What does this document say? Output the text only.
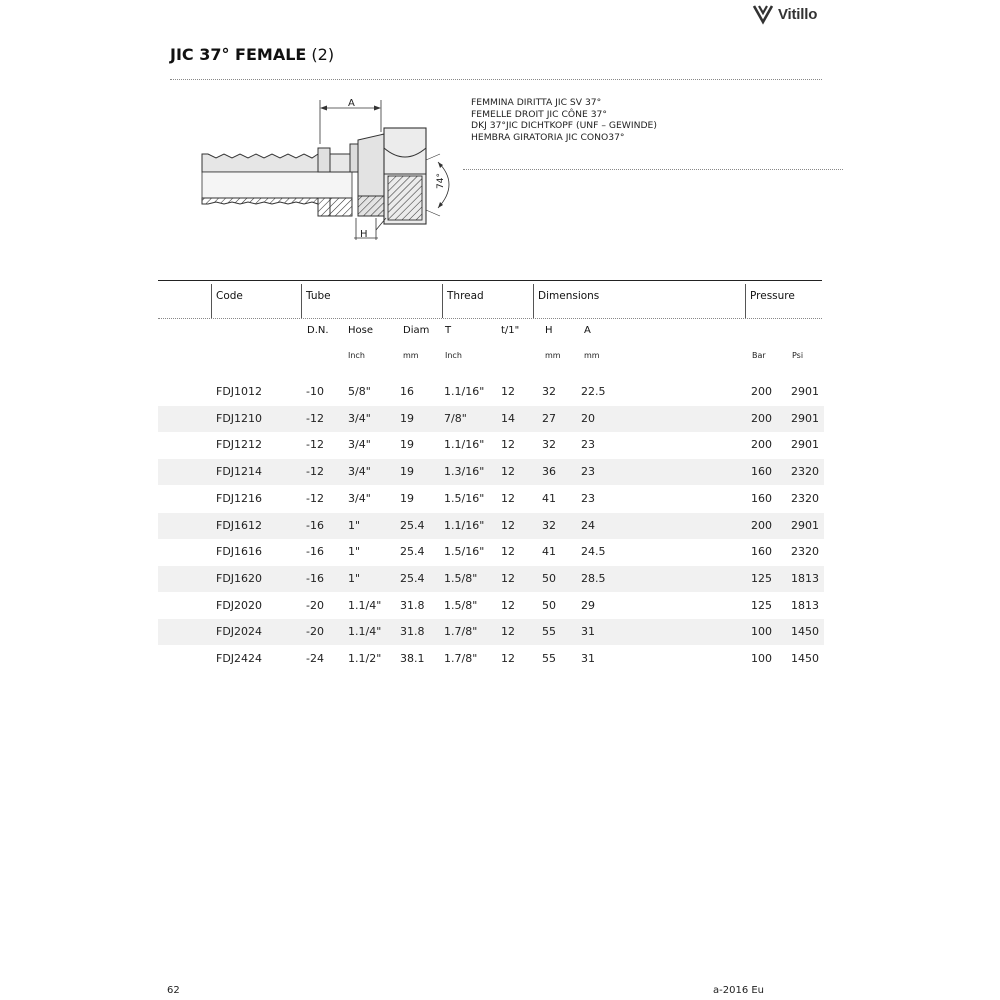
Vitillo
JIC 37° FEMALE (2)
A
74°
H
FEMMINA DIRITTA JIC SV 37°
FEMELLE DROIT JIC CÔNE 37°
DKJ 37°JIC DICHTKOPF (UNF – GEWINDE)
HEMBRA GIRATORIA JIC CONO37°
Code	Tube	Thread	Dimensions	Pressure
D.N. Hose	Diam T	t/1"	H	A
Inch	mm	Inch	mm	mm	Bar	Psi
FDJ1012	-10 5/8"	16	1.1/16" 12 32 22.5	200 2901
FDJ1210	-12 3/4"	19	7/8"	14 27 20	200 2901
FDJ1212	-12 3/4"	19	1.1/16" 12 32 23	200 2901
FDJ1214	-12 3/4"	19	1.3/16" 12 36 23	160 2320
FDJ1216	-12 3/4"	19	1.5/16" 12 41 23	160 2320
FDJ1612	-16 1"	25.4 1.1/16" 12 32 24	200 2901
FDJ1616	-16 1"	25.4 1.5/16" 12 41 24.5	160 2320
FDJ1620	-16 1"	25.4 1.5/8" 12 50 28.5	125 1813
FDJ2020	-20 1.1/4" 31.8 1.5/8" 12 50 29	125 1813
FDJ2024	-20 1.1/4" 31.8 1.7/8" 12 55 31	100 1450
FDJ2424	-24 1.1/2" 38.1 1.7/8" 12 55 31	100 1450
62	a-2016 Eu
